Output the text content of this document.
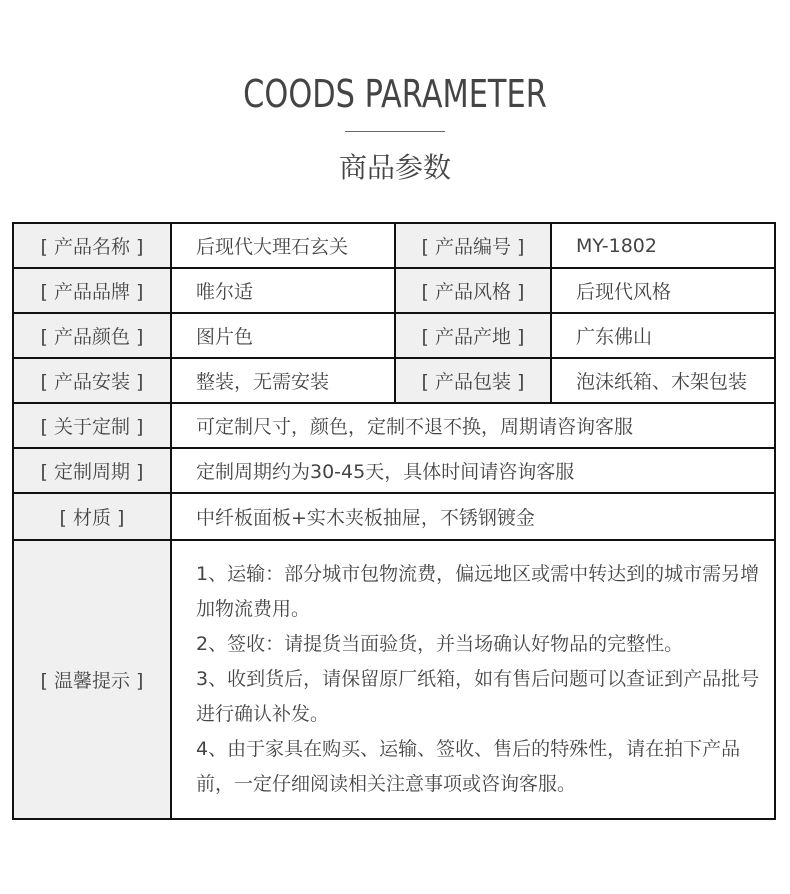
COODS PARAMETER
商品参数
[ 产品名称 ]	后现代大理石玄关	[ 产品编号 ]	MY-1802
[ 产品品牌 ]	唯尔适	[ 产品风格 ]	后现代风格
[ 产品颜色 ]	图片色	[ 产品产地 ]	广东佛山
[ 产品安装 ]	整装，无需安装	[ 产品包装 ]	泡沫纸箱、木架包装
[ 关于定制 ]	可定制尺寸，颜色，定制不退不换，周期请咨询客服		
[ 定制周期 ]	定制周期约为30-45天，具体时间请咨询客服		
[ 材质 ]	中纤板面板+实木夹板抽屉，不锈钢镀金		
[ 温馨提示 ]	1、运输：部分城市包物流费，偏远地区或需中转达到的城市需另增加物流费用。
2、签收：请提货当面验货，并当场确认好物品的完整性。
3、收到货后，请保留原厂纸箱，如有售后问题可以查证到产品批号进行确认补发。
4、由于家具在购买、运输、签收、售后的特殊性，请在拍下产品前，一定仔细阅读相关注意事项或咨询客服。		
